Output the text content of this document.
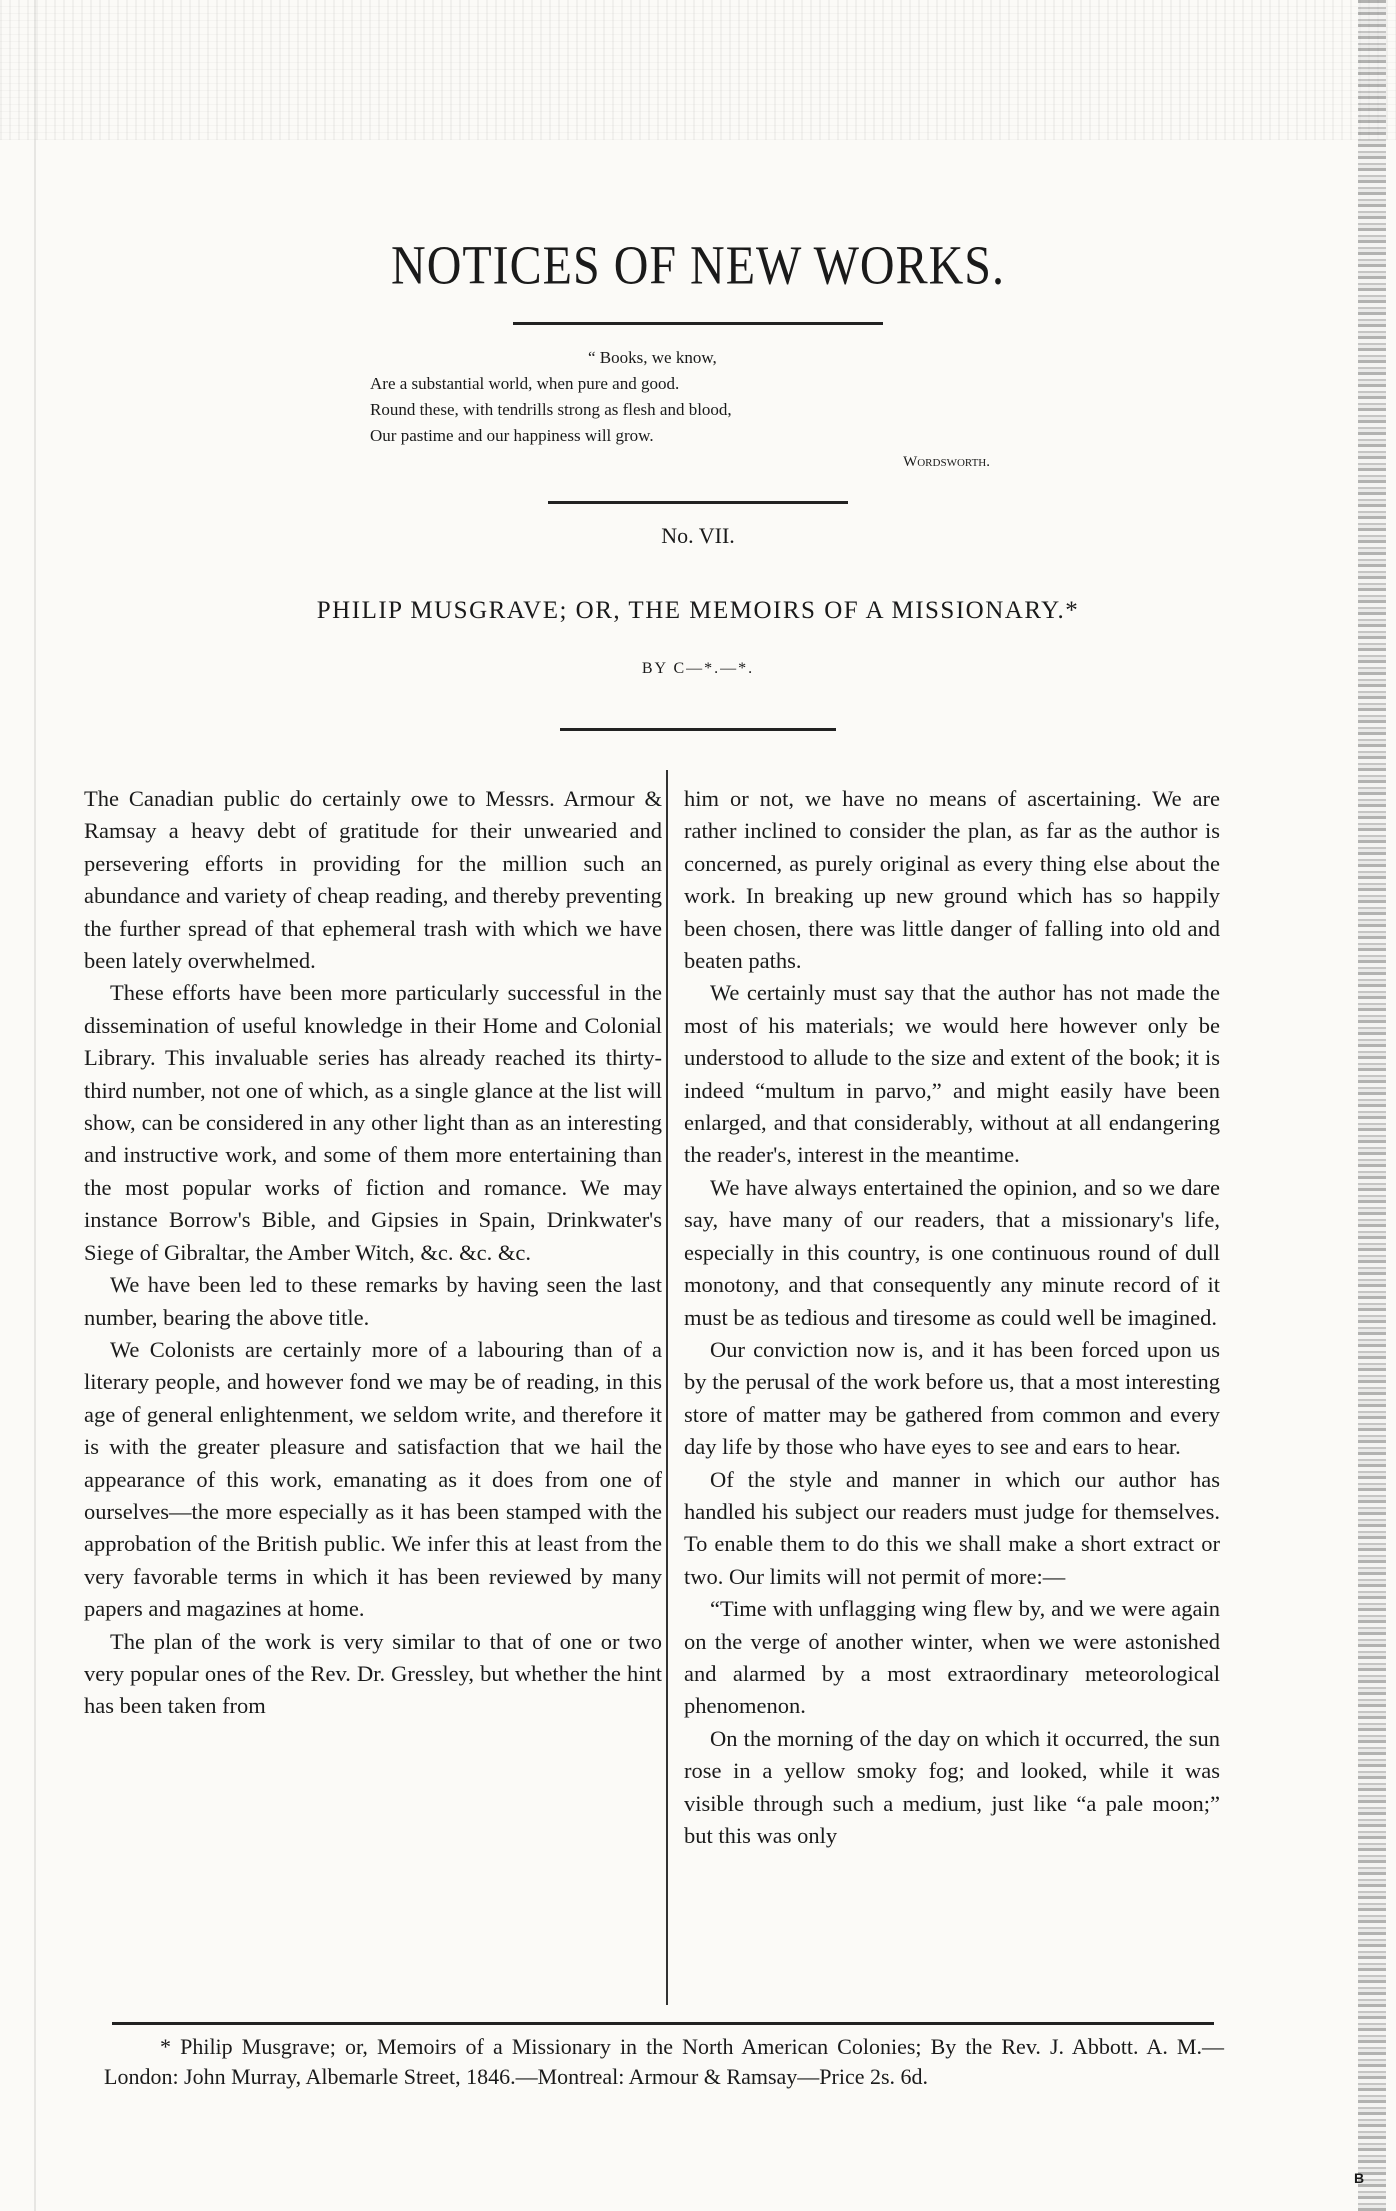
NOTICES OF NEW WORKS.
“ Books, we know,
Are a substantial world, when pure and good.
Round these, with tendrills strong as flesh and blood,
Our pastime and our happiness will grow.
Wordsworth.
No. VII.
PHILIP MUSGRAVE; OR, THE MEMOIRS OF A MISSIONARY.*
BY C—*.—*.

The Canadian public do certainly owe to Messrs. Armour & Ramsay a heavy debt of gratitude for their unwearied and persevering efforts in providing for the million such an abundance and variety of cheap reading, and thereby preventing the further spread of that ephemeral trash with which we have been lately overwhelmed.

These efforts have been more particularly successful in the dissemination of useful knowledge in their Home and Colonial Library. This invaluable series has already reached its thirty-third number, not one of which, as a single glance at the list will show, can be considered in any other light than as an interesting and instructive work, and some of them more entertaining than the most popular works of fiction and romance. We may instance Borrow's Bible, and Gipsies in Spain, Drinkwater's Siege of Gibraltar, the Amber Witch, &c. &c. &c.

We have been led to these remarks by having seen the last number, bearing the above title.

We Colonists are certainly more of a labouring than of a literary people, and however fond we may be of reading, in this age of general enlightenment, we seldom write, and therefore it is with the greater pleasure and satisfaction that we hail the appearance of this work, emanating as it does from one of ourselves—the more especially as it has been stamped with the approbation of the British public. We infer this at least from the very favorable terms in which it has been reviewed by many papers and magazines at home.

The plan of the work is very similar to that of one or two very popular ones of the Rev. Dr. Gressley, but whether the hint has been taken from

him or not, we have no means of ascertaining. We are rather inclined to consider the plan, as far as the author is concerned, as purely original as every thing else about the work. In breaking up new ground which has so happily been chosen, there was little danger of falling into old and beaten paths.

We certainly must say that the author has not made the most of his materials; we would here however only be understood to allude to the size and extent of the book; it is indeed “multum in parvo,” and might easily have been enlarged, and that considerably, without at all endangering the reader's, interest in the meantime.

We have always entertained the opinion, and so we dare say, have many of our readers, that a missionary's life, especially in this country, is one continuous round of dull monotony, and that consequently any minute record of it must be as tedious and tiresome as could well be imagined.

Our conviction now is, and it has been forced upon us by the perusal of the work before us, that a most interesting store of matter may be gathered from common and every day life by those who have eyes to see and ears to hear.

Of the style and manner in which our author has handled his subject our readers must judge for themselves. To enable them to do this we shall make a short extract or two. Our limits will not permit of more:—

“Time with unflagging wing flew by, and we were again on the verge of another winter, when we were astonished and alarmed by a most extraordinary meteorological phenomenon.

On the morning of the day on which it occurred, the sun rose in a yellow smoky fog; and looked, while it was visible through such a medium, just like “a pale moon;” but this was only

* Philip Musgrave; or, Memoirs of a Missionary in the North American Colonies; By the Rev. J. Abbott. A. M.—London: John Murray, Albemarle Street, 1846.—Montreal: Armour & Ramsay—Price 2s. 6d.
B
